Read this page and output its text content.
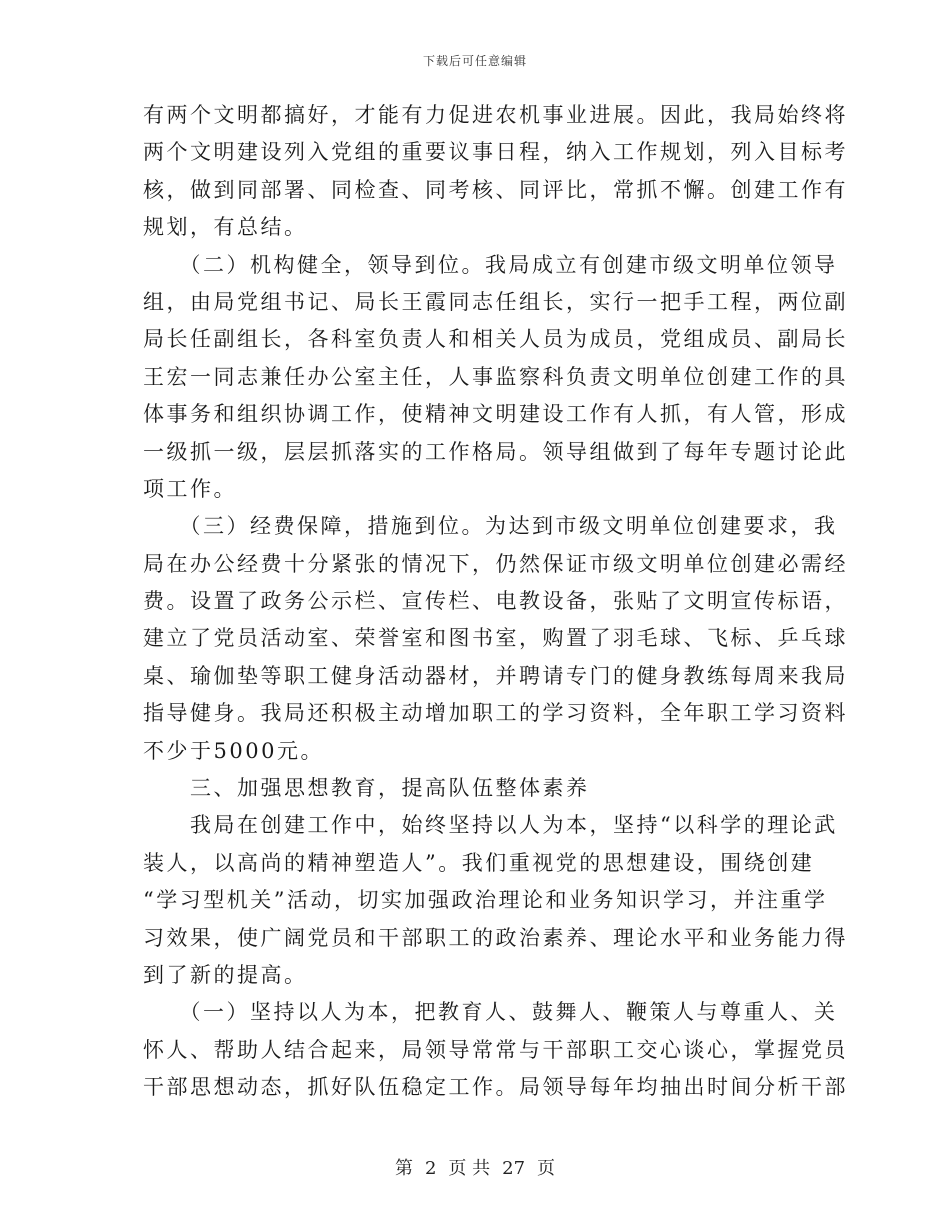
下载后可任意编辑
有两个文明都搞好，才能有力促进农机事业进展。因此，我局始终将
两个文明建设列入党组的重要议事日程，纳入工作规划，列入目标考
核，做到同部署、同检查、同考核、同评比，常抓不懈。创建工作有
规划，有总结。
　　（二）机构健全，领导到位。我局成立有创建市级文明单位领导
组，由局党组书记、局长王霞同志任组长，实行一把手工程，两位副
局长任副组长，各科室负责人和相关人员为成员，党组成员、副局长
王宏一同志兼任办公室主任，人事监察科负责文明单位创建工作的具
体事务和组织协调工作，使精神文明建设工作有人抓，有人管，形成
一级抓一级，层层抓落实的工作格局。领导组做到了每年专题讨论此
项工作。
　　（三）经费保障，措施到位。为达到市级文明单位创建要求，我
局在办公经费十分紧张的情况下，仍然保证市级文明单位创建必需经
费。设置了政务公示栏、宣传栏、电教设备，张贴了文明宣传标语，
建立了党员活动室、荣誉室和图书室，购置了羽毛球、飞标、乒乓球
桌、瑜伽垫等职工健身活动器材，并聘请专门的健身教练每周来我局
指导健身。我局还积极主动增加职工的学习资料，全年职工学习资料
不少于5000元。
　　三、加强思想教育，提高队伍整体素养
　　我局在创建工作中，始终坚持以人为本，坚持“以科学的理论武
装人，以高尚的精神塑造人”。我们重视党的思想建设，围绕创建
“学习型机关”活动，切实加强政治理论和业务知识学习，并注重学
习效果，使广阔党员和干部职工的政治素养、理论水平和业务能力得
到了新的提高。
　　（一）坚持以人为本，把教育人、鼓舞人、鞭策人与尊重人、关
怀人、帮助人结合起来，局领导常常与干部职工交心谈心，掌握党员
干部思想动态，抓好队伍稳定工作。局领导每年均抽出时间分析干部
第 2 页 共 27 页
